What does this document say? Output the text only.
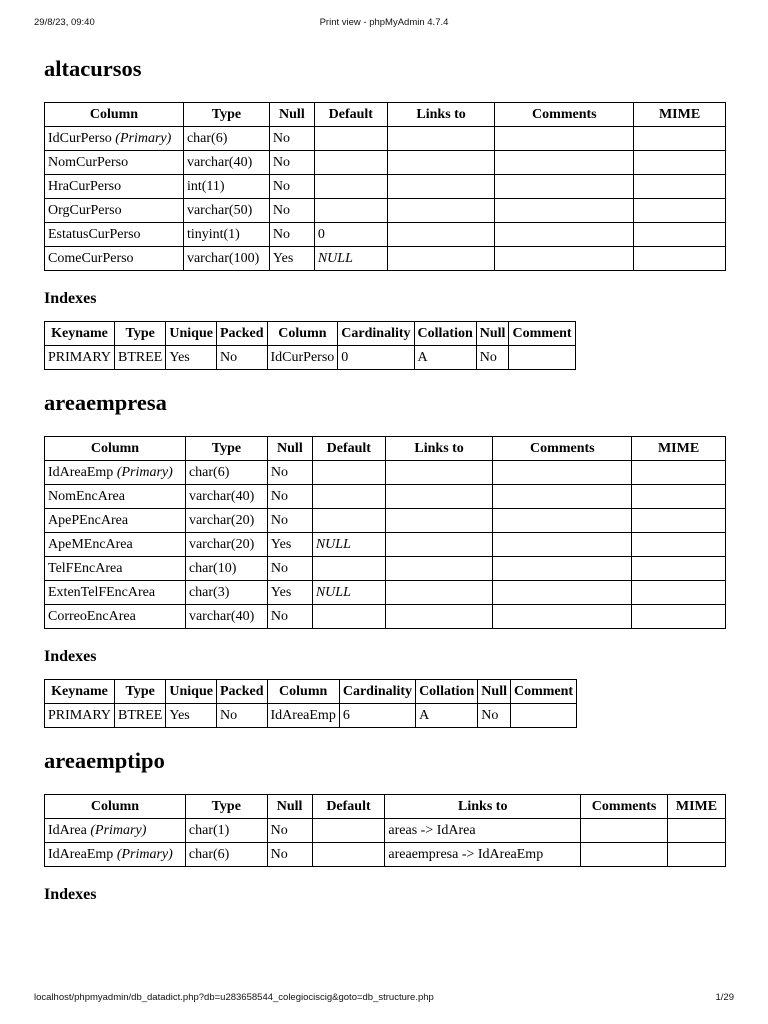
29/8/23, 09:40	Print view - phpMyAdmin 4.7.4
altacursos
Column	Type	Null	Default	Links to	Comments	MIME
IdCurPerso (Primary)	char(6)	No				
NomCurPerso	varchar(40)	No				
HraCurPerso	int(11)	No				
OrgCurPerso	varchar(50)	No				
EstatusCurPerso	tinyint(1)	No	0			
ComeCurPerso	varchar(100)	Yes	NULL			
Indexes
Keyname	Type	Unique	Packed	Column	Cardinality	Collation	Null	Comment
PRIMARY	BTREE	Yes	No	IdCurPerso	0	A	No	
areaempresa
Column	Type	Null	Default	Links to	Comments	MIME
IdAreaEmp (Primary)	char(6)	No				
NomEncArea	varchar(40)	No				
ApePEncArea	varchar(20)	No				
ApeMEncArea	varchar(20)	Yes	NULL			
TelFEncArea	char(10)	No				
ExtenTelFEncArea	char(3)	Yes	NULL			
CorreoEncArea	varchar(40)	No				
Indexes
Keyname	Type	Unique	Packed	Column	Cardinality	Collation	Null	Comment
PRIMARY	BTREE	Yes	No	IdAreaEmp	6	A	No	
areaemptipo
Column	Type	Null	Default	Links to	Comments	MIME
IdArea (Primary)	char(1)	No		areas -> IdArea		
IdAreaEmp (Primary)	char(6)	No		areaempresa -> IdAreaEmp		
Indexes
localhost/phpmyadmin/db_datadict.php?db=u283658544_colegiociscig&goto=db_structure.php	1/29
